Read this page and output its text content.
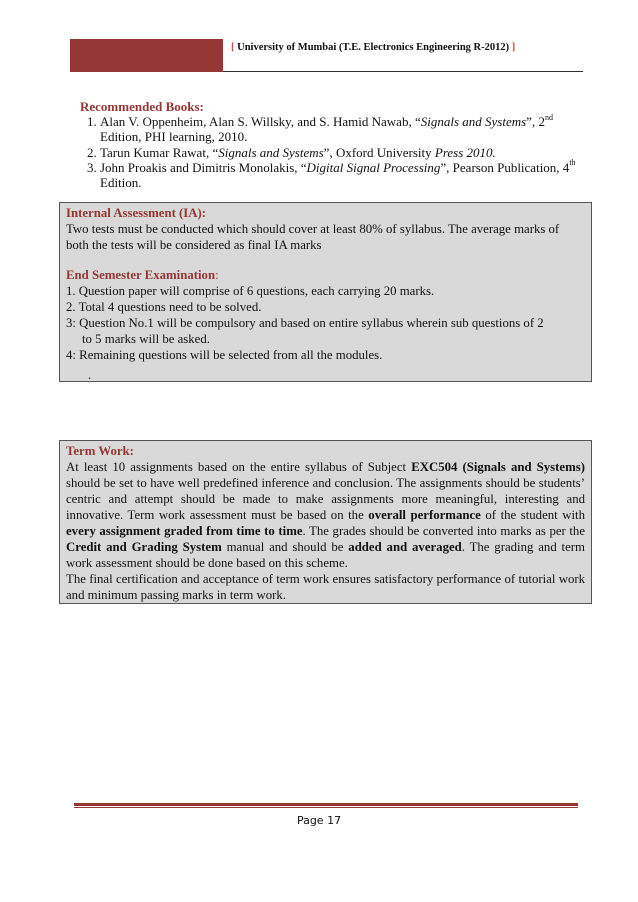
[ University of Mumbai (T.E. Electronics Engineering R-2012) ]
Recommended Books:
1. Alan V. Oppenheim, Alan S. Willsky, and S. Hamid Nawab, “Signals and Systems”, 2nd Edition, PHI learning, 2010.
2. Tarun Kumar Rawat, “Signals and Systems”, Oxford University Press 2010.
3. John Proakis and Dimitris Monolakis, “Digital Signal Processing”, Pearson Publication, 4th Edition.
Internal Assessment (IA):

Two tests must be conducted which should cover at least 80% of syllabus. The average marks of both the tests will be considered as final IA marks

End Semester Examination:

1. Question paper will comprise of 6 questions, each carrying 20 marks.

2. Total 4 questions need to be solved.

3: Question No.1 will be compulsory and based on entire syllabus wherein sub questions of 2

to 5 marks will be asked.

4: Remaining questions will be selected from all the modules.

.

Term Work:

At least 10 assignments based on the entire syllabus of Subject EXC504 (Signals and Systems) should be set to have well predefined inference and conclusion. The assignments should be students’ centric and attempt should be made to make assignments more meaningful, interesting and innovative. Term work assessment must be based on the overall performance of the student with every assignment graded from time to time. The grades should be converted into marks as per the Credit and Grading System manual and should be added and averaged. The grading and term work assessment should be done based on this scheme.

The final certification and acceptance of term work ensures satisfactory performance of tutorial work and minimum passing marks in term work.

Page 17
